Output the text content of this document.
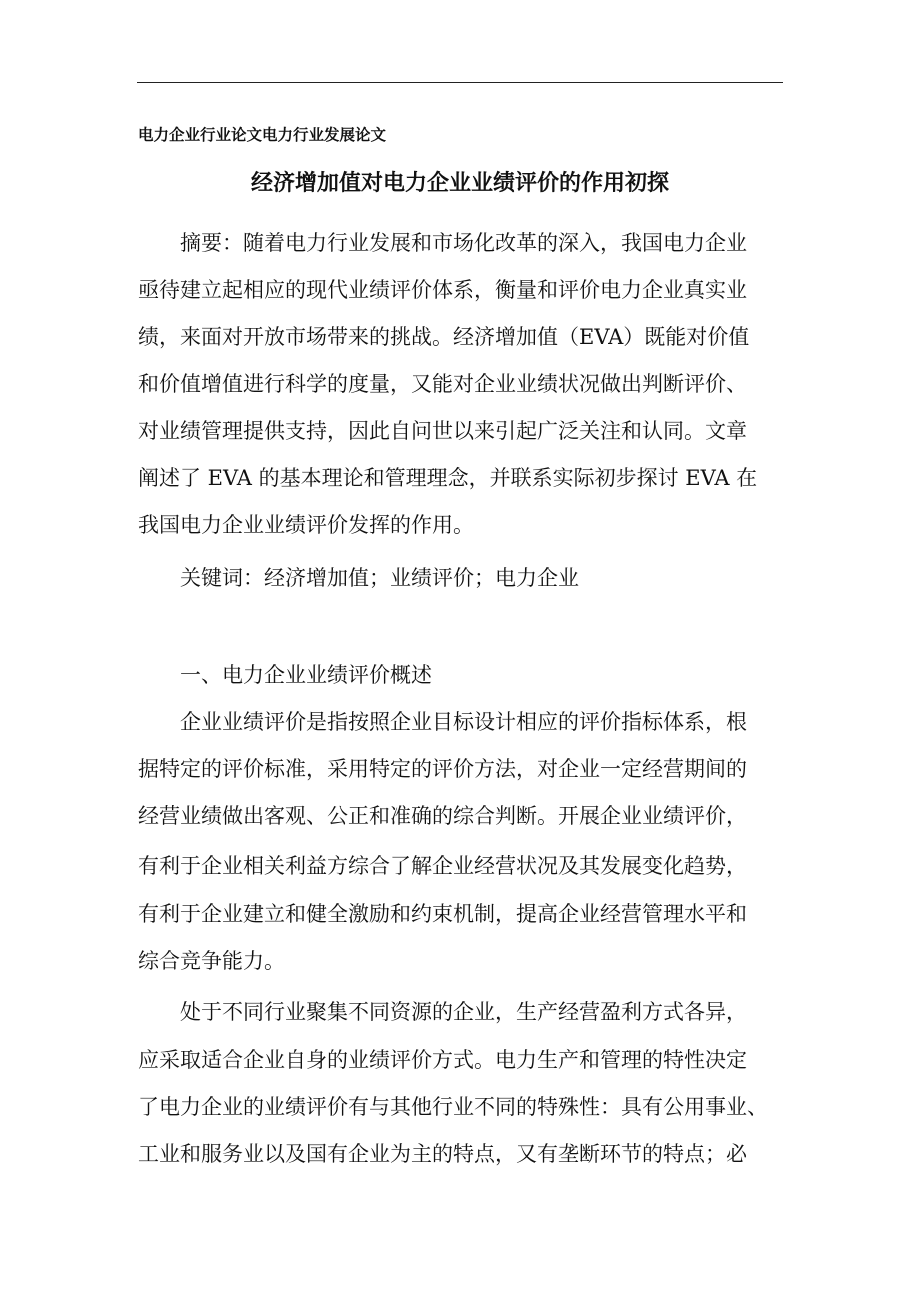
电力企业行业论文电力行业发展论文
经济增加值对电力企业业绩评价的作用初探
摘要：随着电力行业发展和市场化改革的深入，我国电力企业
亟待建立起相应的现代业绩评价体系，衡量和评价电力企业真实业
绩，来面对开放市场带来的挑战。经济增加值（EVA）既能对价值
和价值增值进行科学的度量，又能对企业业绩状况做出判断评价、
对业绩管理提供支持，因此自问世以来引起广泛关注和认同。文章
阐述了 EVA 的基本理论和管理理念，并联系实际初步探讨 EVA 在
我国电力企业业绩评价发挥的作用。
关键词：经济增加值；业绩评价；电力企业
一、电力企业业绩评价概述
企业业绩评价是指按照企业目标设计相应的评价指标体系，根
据特定的评价标准，采用特定的评价方法，对企业一定经营期间的
经营业绩做出客观、公正和准确的综合判断。开展企业业绩评价，
有利于企业相关利益方综合了解企业经营状况及其发展变化趋势，
有利于企业建立和健全激励和约束机制，提高企业经营管理水平和
综合竞争能力。
处于不同行业聚集不同资源的企业，生产经营盈利方式各异，
应采取适合企业自身的业绩评价方式。电力生产和管理的特性决定
了电力企业的业绩评价有与其他行业不同的特殊性：具有公用事业、
工业和服务业以及国有企业为主的特点，又有垄断环节的特点；必
